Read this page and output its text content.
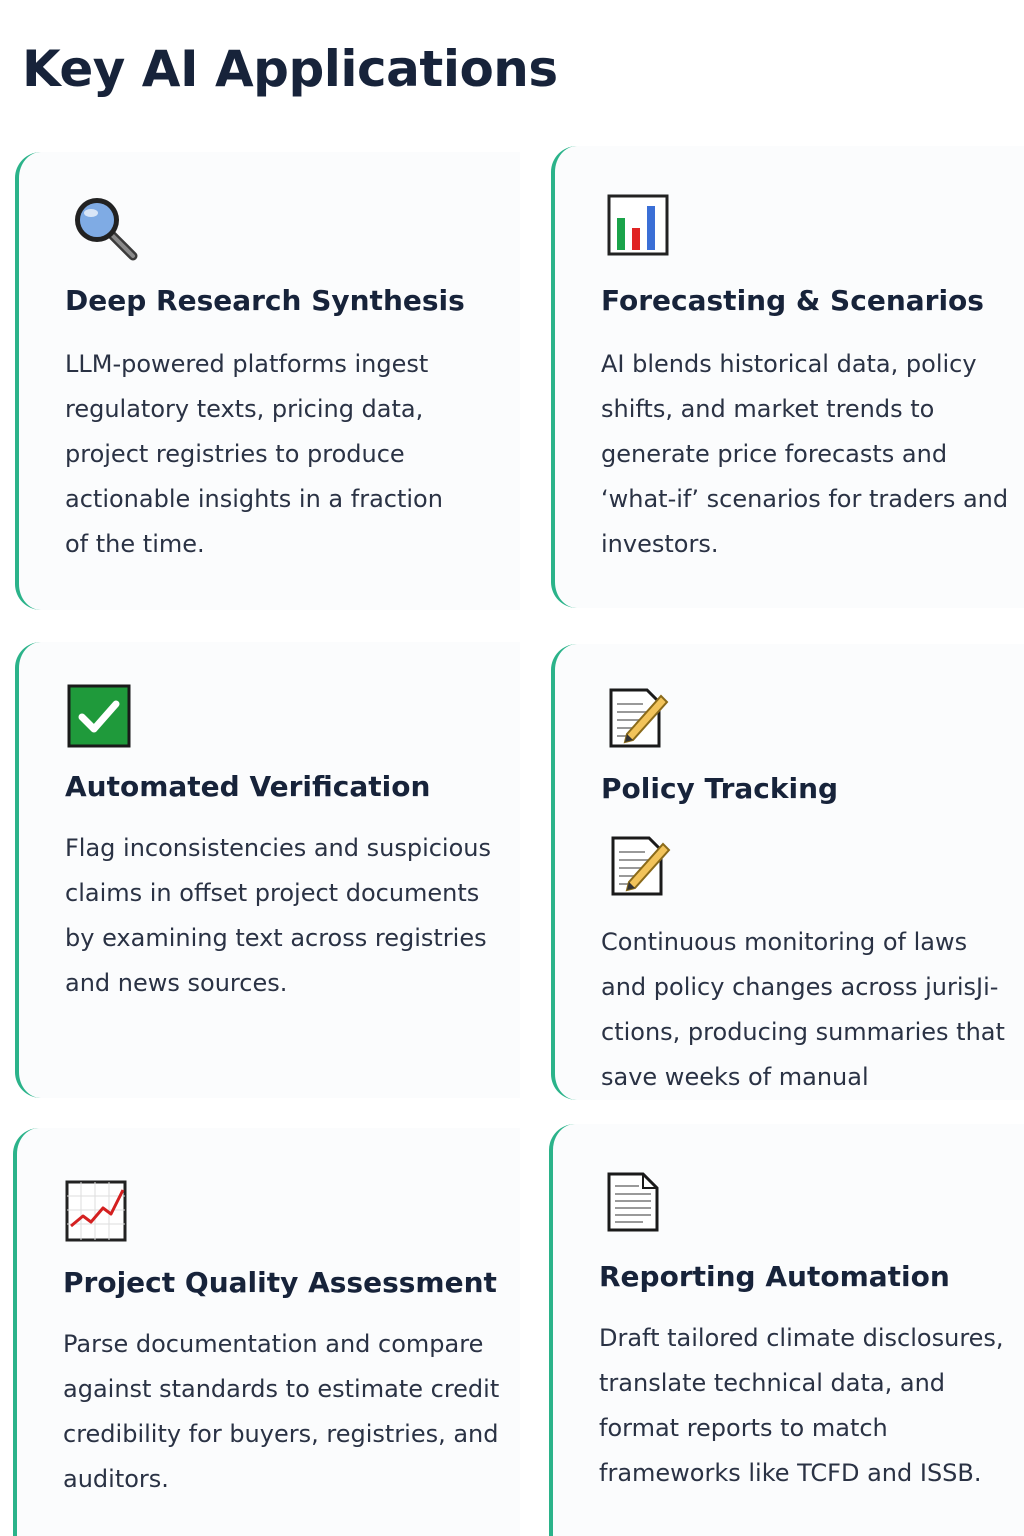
Key AI Applications
Deep Research Synthesis

LLM-powered platforms ingest regulatory texts, pricing data, project registries to produce actionable insights in a fraction of the time.

Forecasting & Scenarios

AI blends historical data, policy shifts, and market trends to generate price forecasts and ‘what-if’ scenarios for traders and investors.

Automated Verification

Flag inconsistencies and suspicious claims in offset project documents by examining text across registries and news sources.

Policy Tracking

Continuous monitoring of laws and policy changes across jurisJi- ctions, producing summaries that save weeks of manual

Project Quality Assessment

Parse documentation and compare against standards to estimate credit credibility for buyers, registries, and auditors.

Reporting Automation

Draft tailored climate disclosures, translate technical data, and format reports to match frameworks like TCFD and ISSB.
